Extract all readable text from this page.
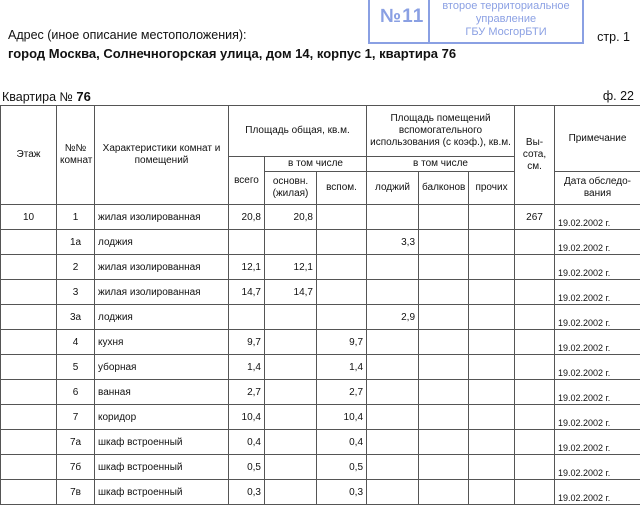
№11	второе территориальное
управление
ГБУ МосгорБТИ
Адрес (иное описание местоположения):	стр. 1
город Москва, Солнечногорская улица, дом 14, корпус 1, квартира 76
Квартира № 76	ф. 22
Этаж	№№ комнат	Характеристики комнат и помещений	Площадь общая, кв.м.			Площадь помещений вспомогательного использования (с коэф.), кв.м.			Вы-сота, см.	Примечание
			всего	в том числе		в том числе				
				основн. (жилая)	вспом.	лоджий	балконов	прочих		Дата обследо-вания
10	1	жилая изолированная	20,8	20,8					267	19.02.2002 г.
	1а	лоджия				3,3				19.02.2002 г.
	2	жилая изолированная	12,1	12,1						19.02.2002 г.
	3	жилая изолированная	14,7	14,7						19.02.2002 г.
	3а	лоджия				2,9				19.02.2002 г.
	4	кухня	9,7		9,7					19.02.2002 г.
	5	уборная	1,4		1,4					19.02.2002 г.
	6	ванная	2,7		2,7					19.02.2002 г.
	7	коридор	10,4		10,4					19.02.2002 г.
	7а	шкаф встроенный	0,4		0,4					19.02.2002 г.
	7б	шкаф встроенный	0,5		0,5					19.02.2002 г.
	7в	шкаф встроенный	0,3		0,3					19.02.2002 г.
